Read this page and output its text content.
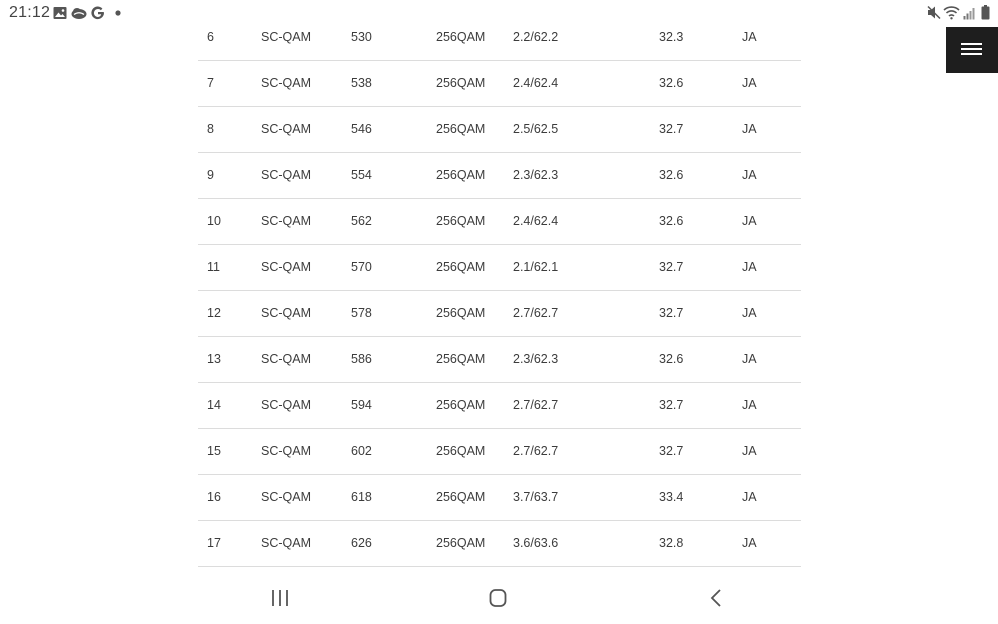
21:12
6	SC-QAM	530	256QAM	2.2/62.2	32.3	JA
7	SC-QAM	538	256QAM	2.4/62.4	32.6	JA
8	SC-QAM	546	256QAM	2.5/62.5	32.7	JA
9	SC-QAM	554	256QAM	2.3/62.3	32.6	JA
10	SC-QAM	562	256QAM	2.4/62.4	32.6	JA
11	SC-QAM	570	256QAM	2.1/62.1	32.7	JA
12	SC-QAM	578	256QAM	2.7/62.7	32.7	JA
13	SC-QAM	586	256QAM	2.3/62.3	32.6	JA
14	SC-QAM	594	256QAM	2.7/62.7	32.7	JA
15	SC-QAM	602	256QAM	2.7/62.7	32.7	JA
16	SC-QAM	618	256QAM	3.7/63.7	33.4	JA
17	SC-QAM	626	256QAM	3.6/63.6	32.8	JA
